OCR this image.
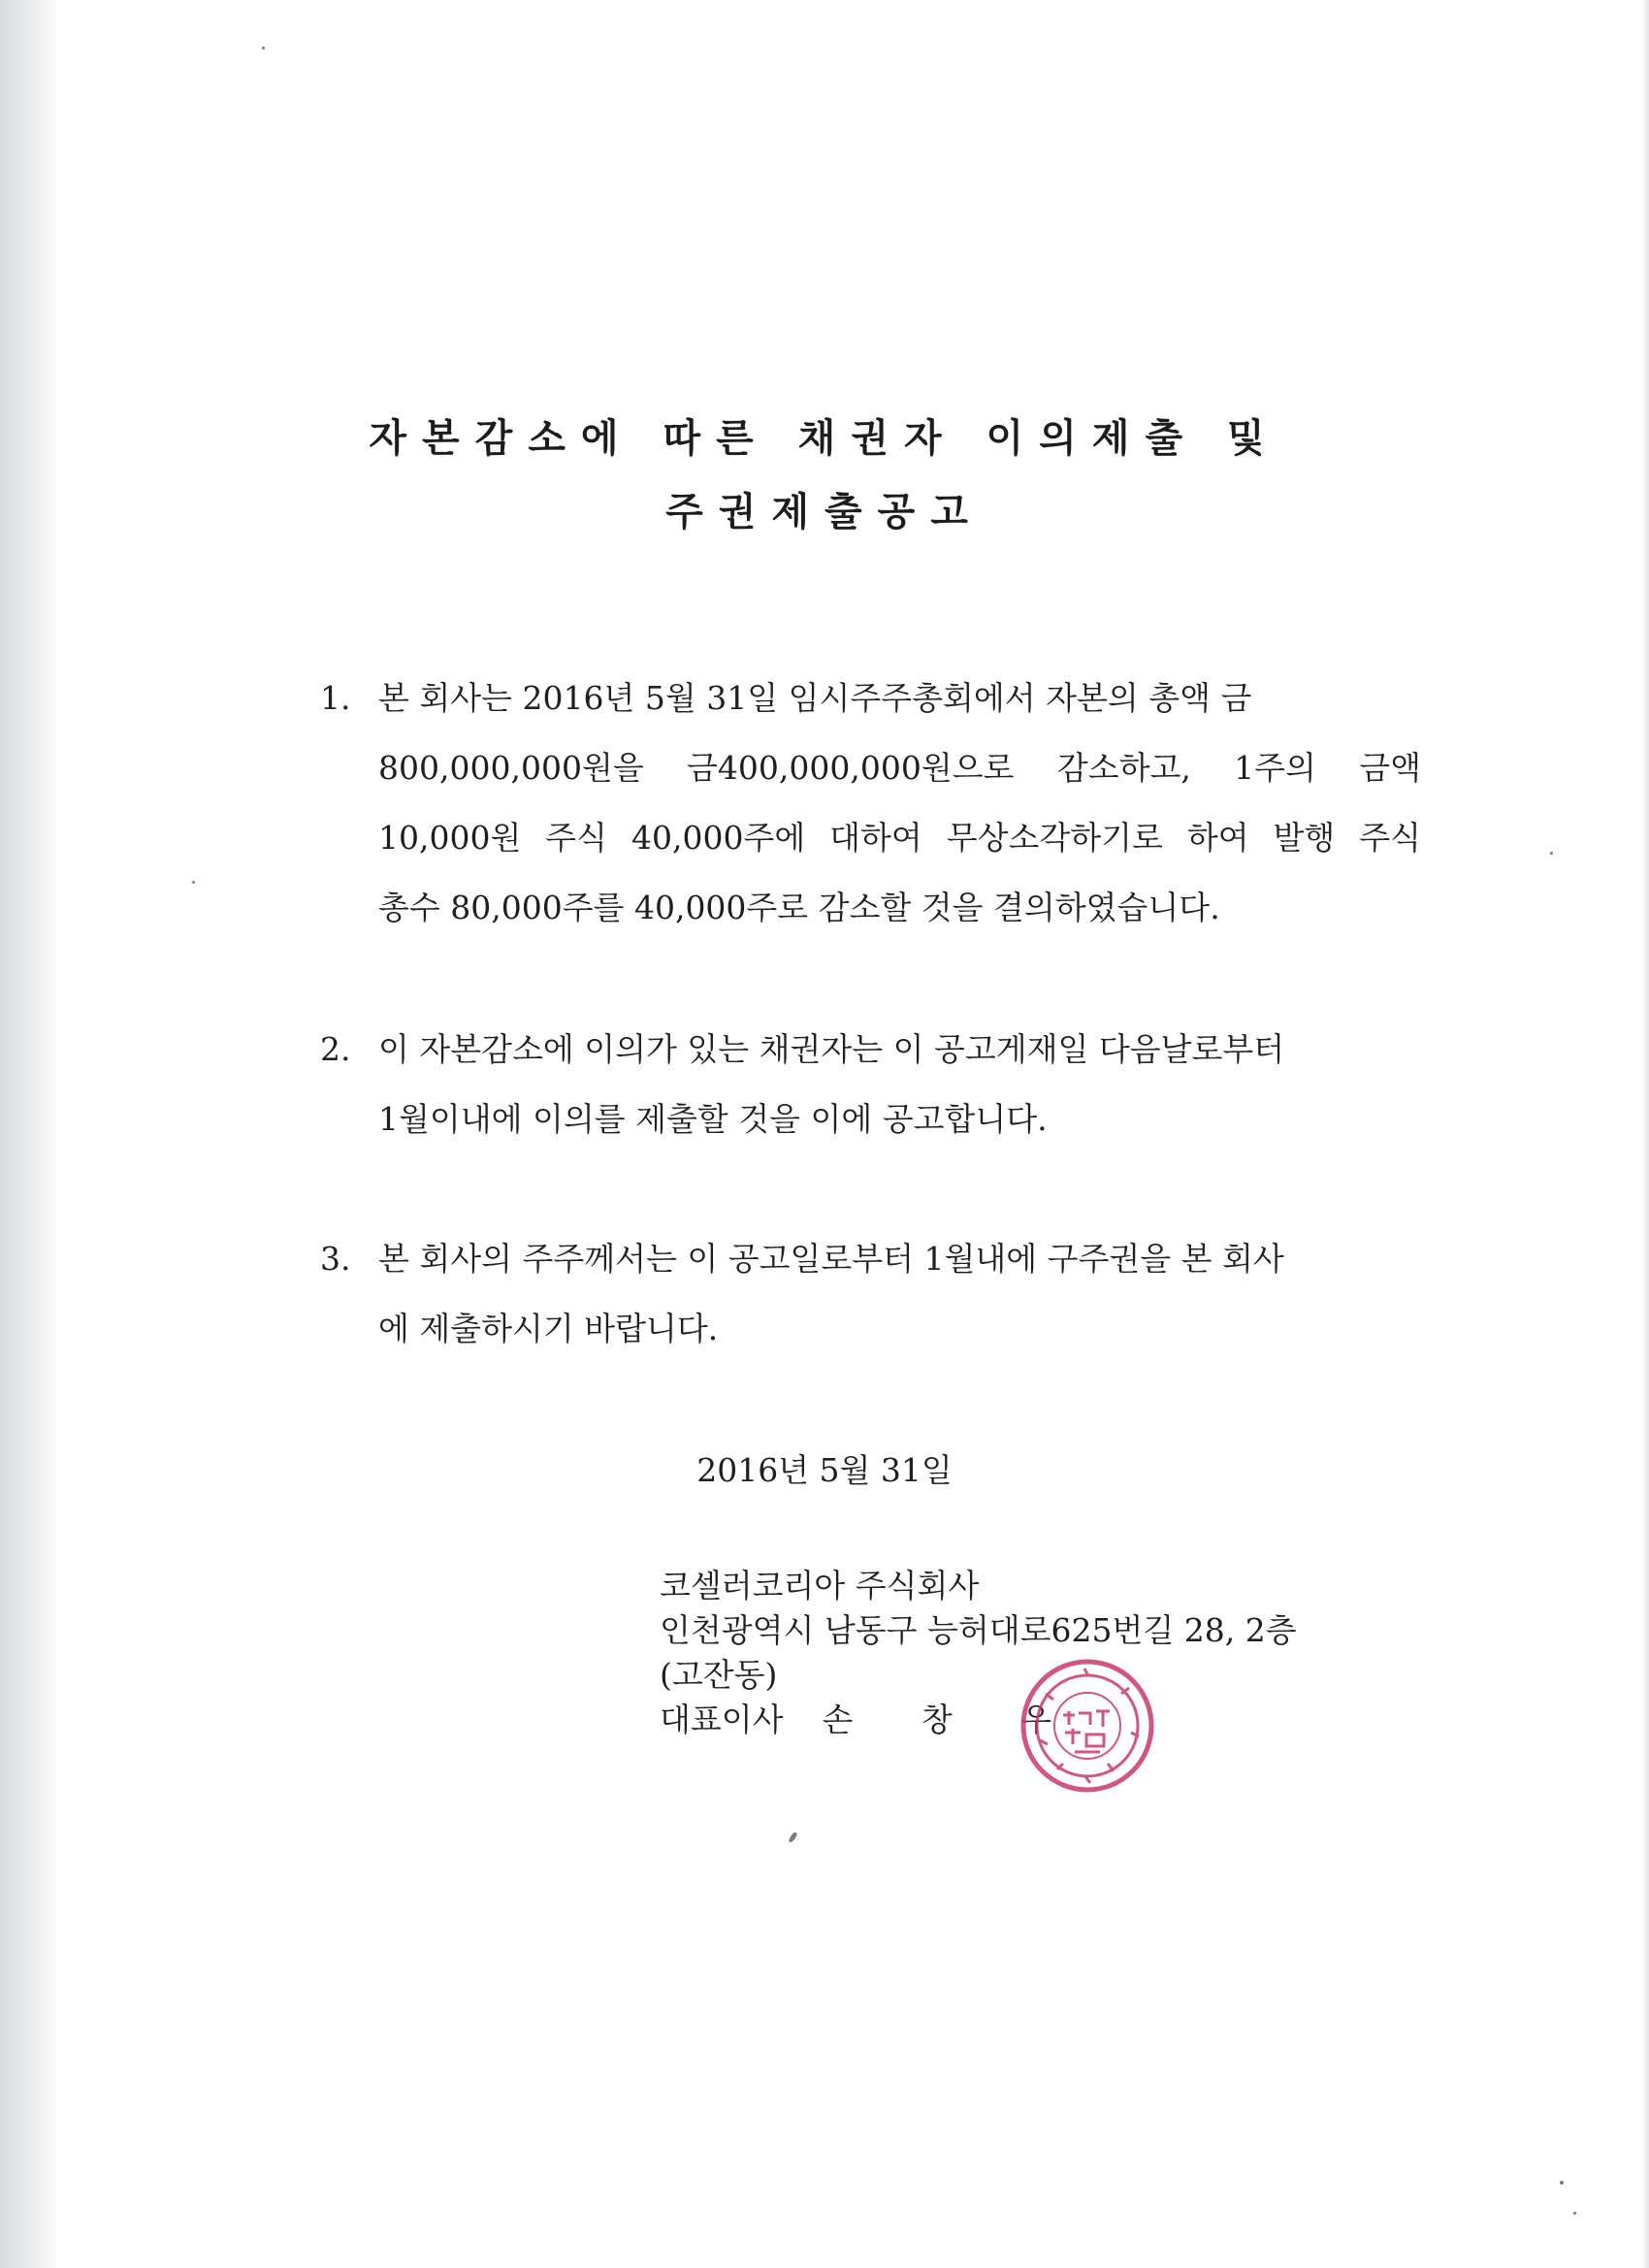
자본감소에 따른 채권자 이의제출 및
주권제출공고
1. 본 회사는 2016년 5월 31일 임시주주총회에서 자본의 총액 금
800,000,000원을 금400,000,000원으로 감소하고, 1주의 금액
10,000원 주식 40,000주에 대하여 무상소각하기로 하여 발행 주식
총수 80,000주를 40,000주로 감소할 것을 결의하였습니다.
2. 이 자본감소에 이의가 있는 채권자는 이 공고게재일 다음날로부터
1월이내에 이의를 제출할 것을 이에 공고합니다.
3. 본 회사의 주주께서는 이 공고일로부터 1월내에 구주권을 본 회사
에 제출하시기 바랍니다.
2016년 5월 31일
코셀러코리아 주식회사
인천광역시 남동구 능허대로625번길 28, 2층
(고잔동)
대표이사 손 창 우
